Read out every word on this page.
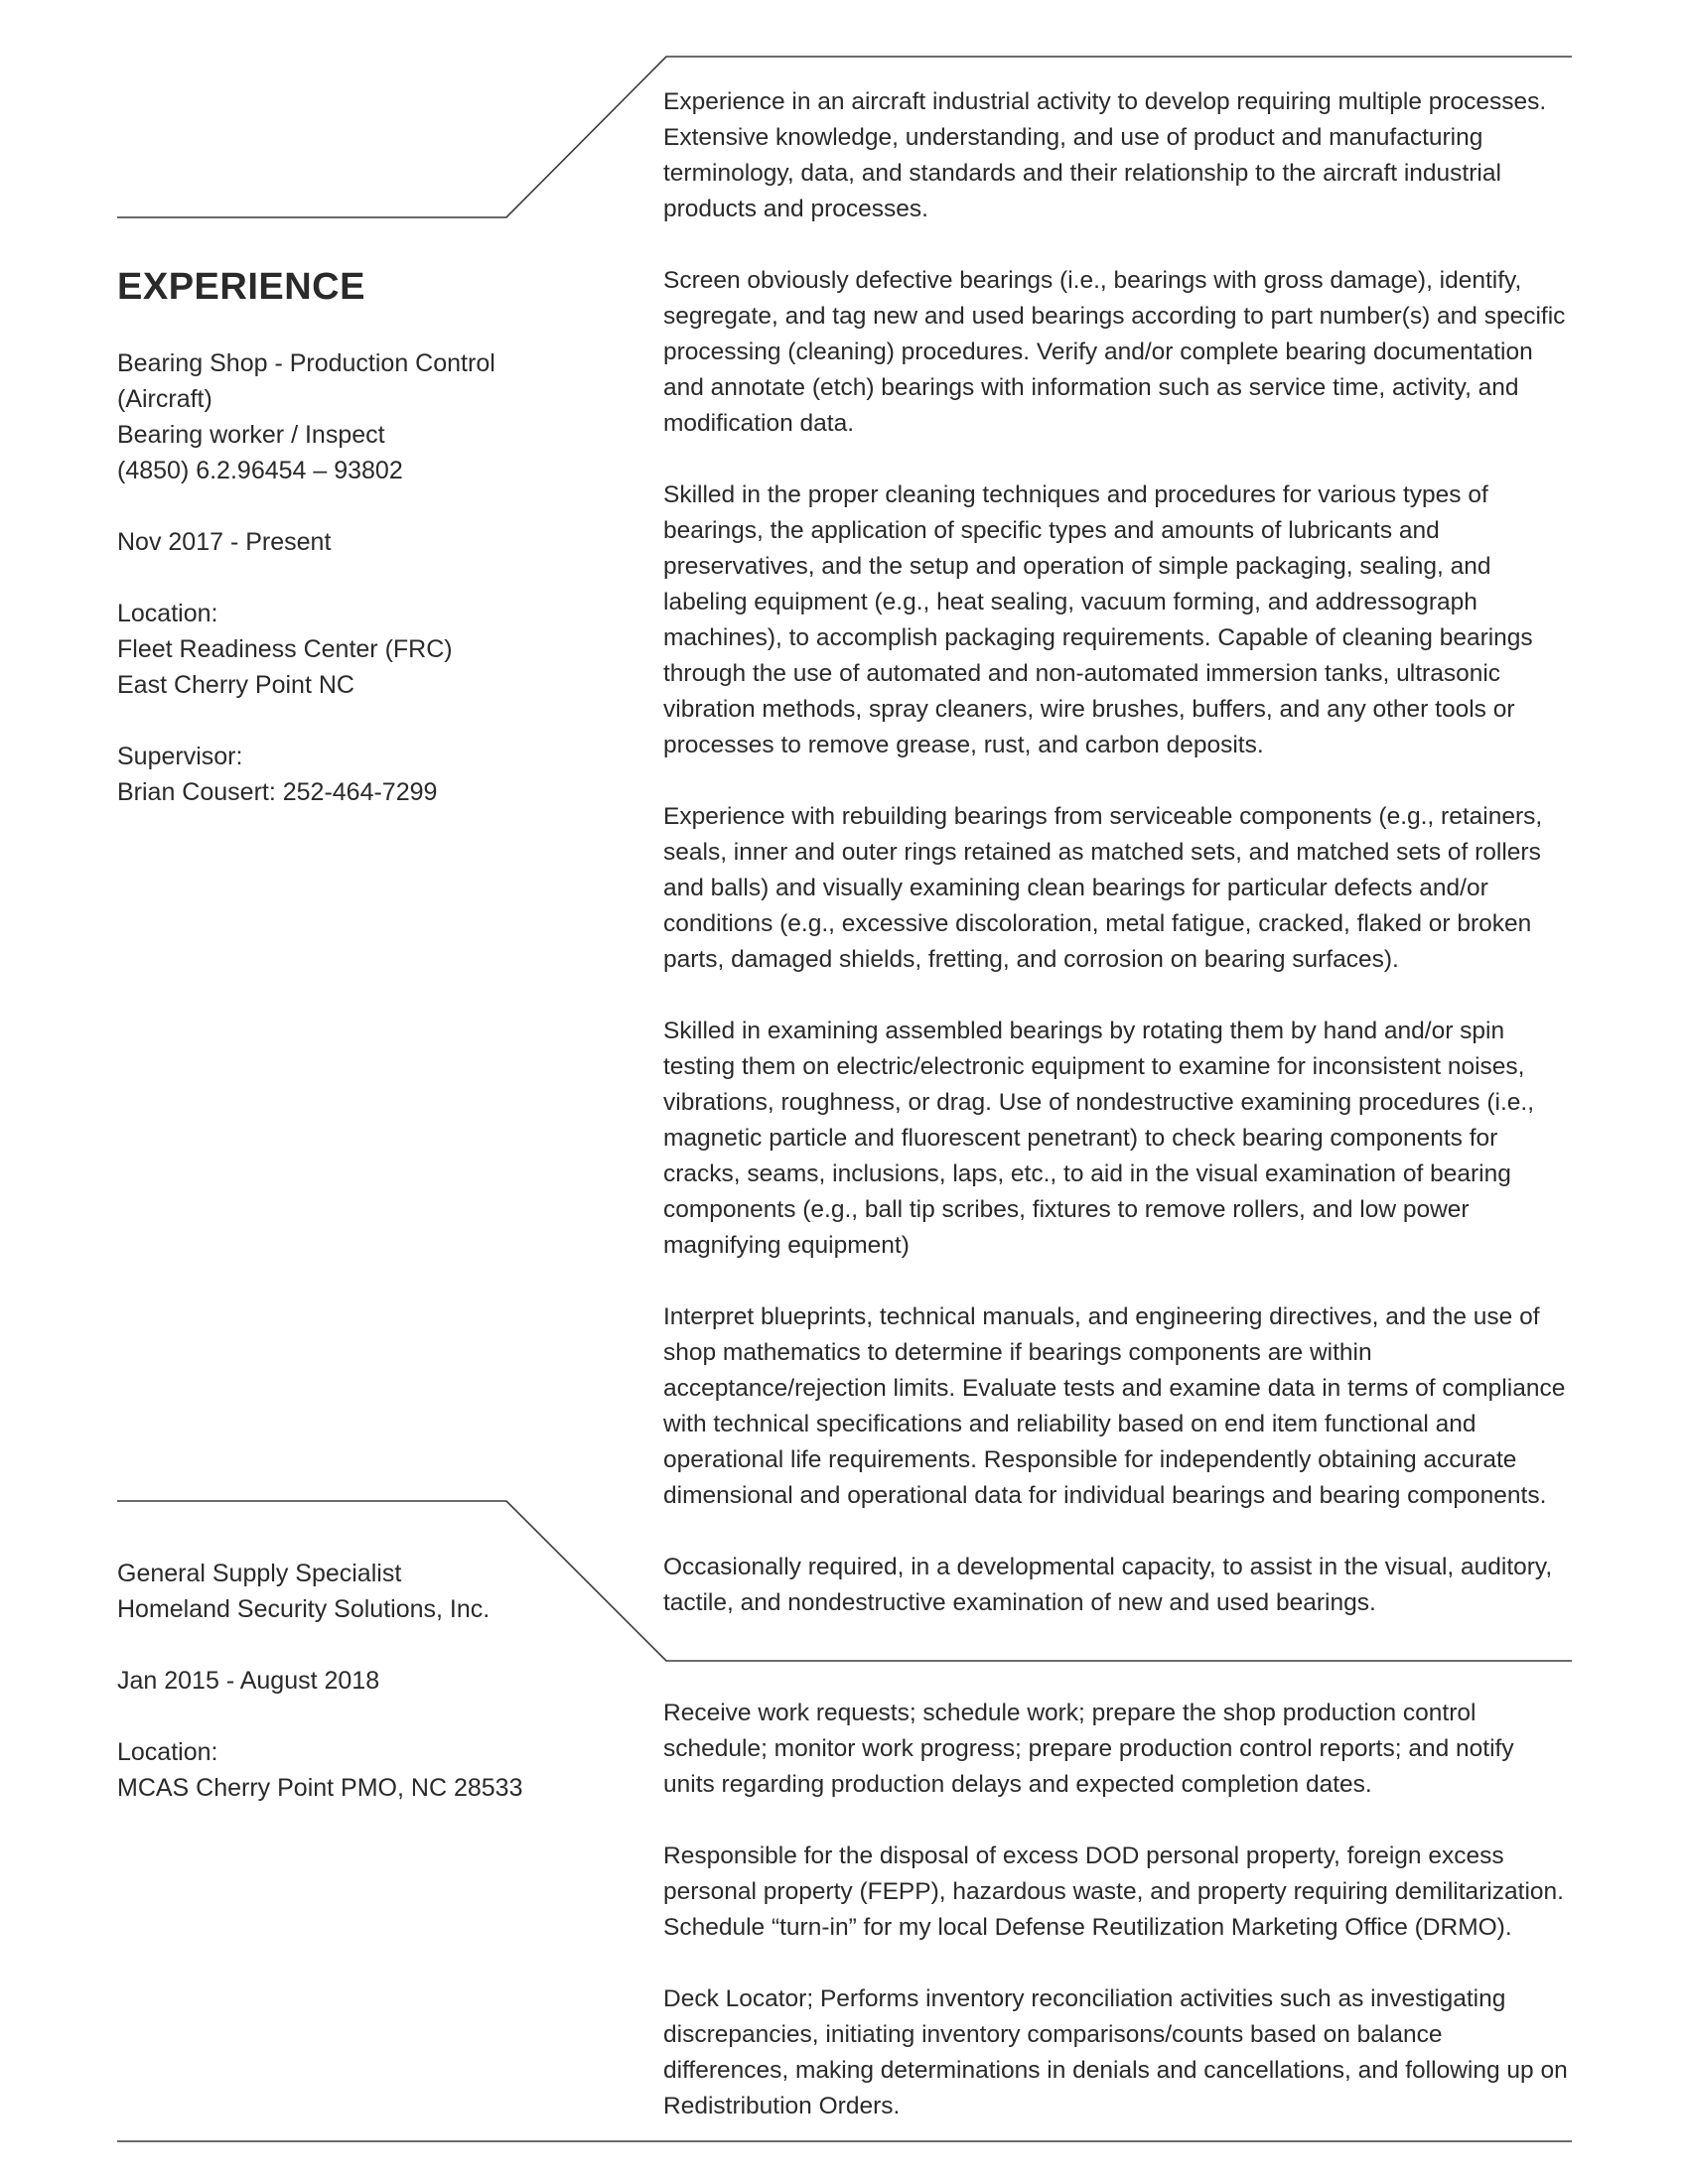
EXPERIENCE
Bearing Shop - Production Control
(Aircraft)
Bearing worker / Inspect
(4850) 6.2.96454 – 93802
Nov 2017 - Present
Location:
Fleet Readiness Center (FRC)
East Cherry Point NC
Supervisor:
Brian Cousert: 252-464-7299

Experience in an aircraft industrial activity to develop requiring multiple processes. Extensive knowledge, understanding, and use of product and manufacturing terminology, data, and standards and their relationship to the aircraft industrial products and processes.

Screen obviously defective bearings (i.e., bearings with gross damage), identify, segregate, and tag new and used bearings according to part number(s) and specific processing (cleaning) procedures. Verify and/or complete bearing documentation and annotate (etch) bearings with information such as service time, activity, and modification data.

Skilled in the proper cleaning techniques and procedures for various types of bearings, the application of specific types and amounts of lubricants and preservatives, and the setup and operation of simple packaging, sealing, and labeling equipment (e.g., heat sealing, vacuum forming, and addressograph machines), to accomplish packaging requirements. Capable of cleaning bearings through the use of automated and non-automated immersion tanks, ultrasonic vibration methods, spray cleaners, wire brushes, buffers, and any other tools or processes to remove grease, rust, and carbon deposits.

Experience with rebuilding bearings from serviceable components (e.g., retainers, seals, inner and outer rings retained as matched sets, and matched sets of rollers and balls) and visually examining clean bearings for particular defects and/or conditions (e.g., excessive discoloration, metal fatigue, cracked, flaked or broken parts, damaged shields, fretting, and corrosion on bearing surfaces).

Skilled in examining assembled bearings by rotating them by hand and/or spin testing them on electric/electronic equipment to examine for inconsistent noises, vibrations, roughness, or drag. Use of nondestructive examining procedures (i.e., magnetic particle and fluorescent penetrant) to check bearing components for cracks, seams, inclusions, laps, etc., to aid in the visual examination of bearing components (e.g., ball tip scribes, fixtures to remove rollers, and low power magnifying equipment)

Interpret blueprints, technical manuals, and engineering directives, and the use of shop mathematics to determine if bearings components are within acceptance/rejection limits. Evaluate tests and examine data in terms of compliance with technical specifications and reliability based on end item functional and operational life requirements. Responsible for independently obtaining accurate dimensional and operational data for individual bearings and bearing components.

Occasionally required, in a developmental capacity, to assist in the visual, auditory, tactile, and nondestructive examination of new and used bearings.

General Supply Specialist
Homeland Security Solutions, Inc.
Jan 2015 - August 2018
Location:
MCAS Cherry Point PMO, NC 28533

Receive work requests; schedule work; prepare the shop production control schedule; monitor work progress; prepare production control reports; and notify units regarding production delays and expected completion dates.

Responsible for the disposal of excess DOD personal property, foreign excess personal property (FEPP), hazardous waste, and property requiring demilitarization. Schedule “turn-in” for my local Defense Reutilization Marketing Office (DRMO).

Deck Locator; Performs inventory reconciliation activities such as investigating discrepancies, initiating inventory comparisons/counts based on balance differences, making determinations in denials and cancellations, and following up on Redistribution Orders.
